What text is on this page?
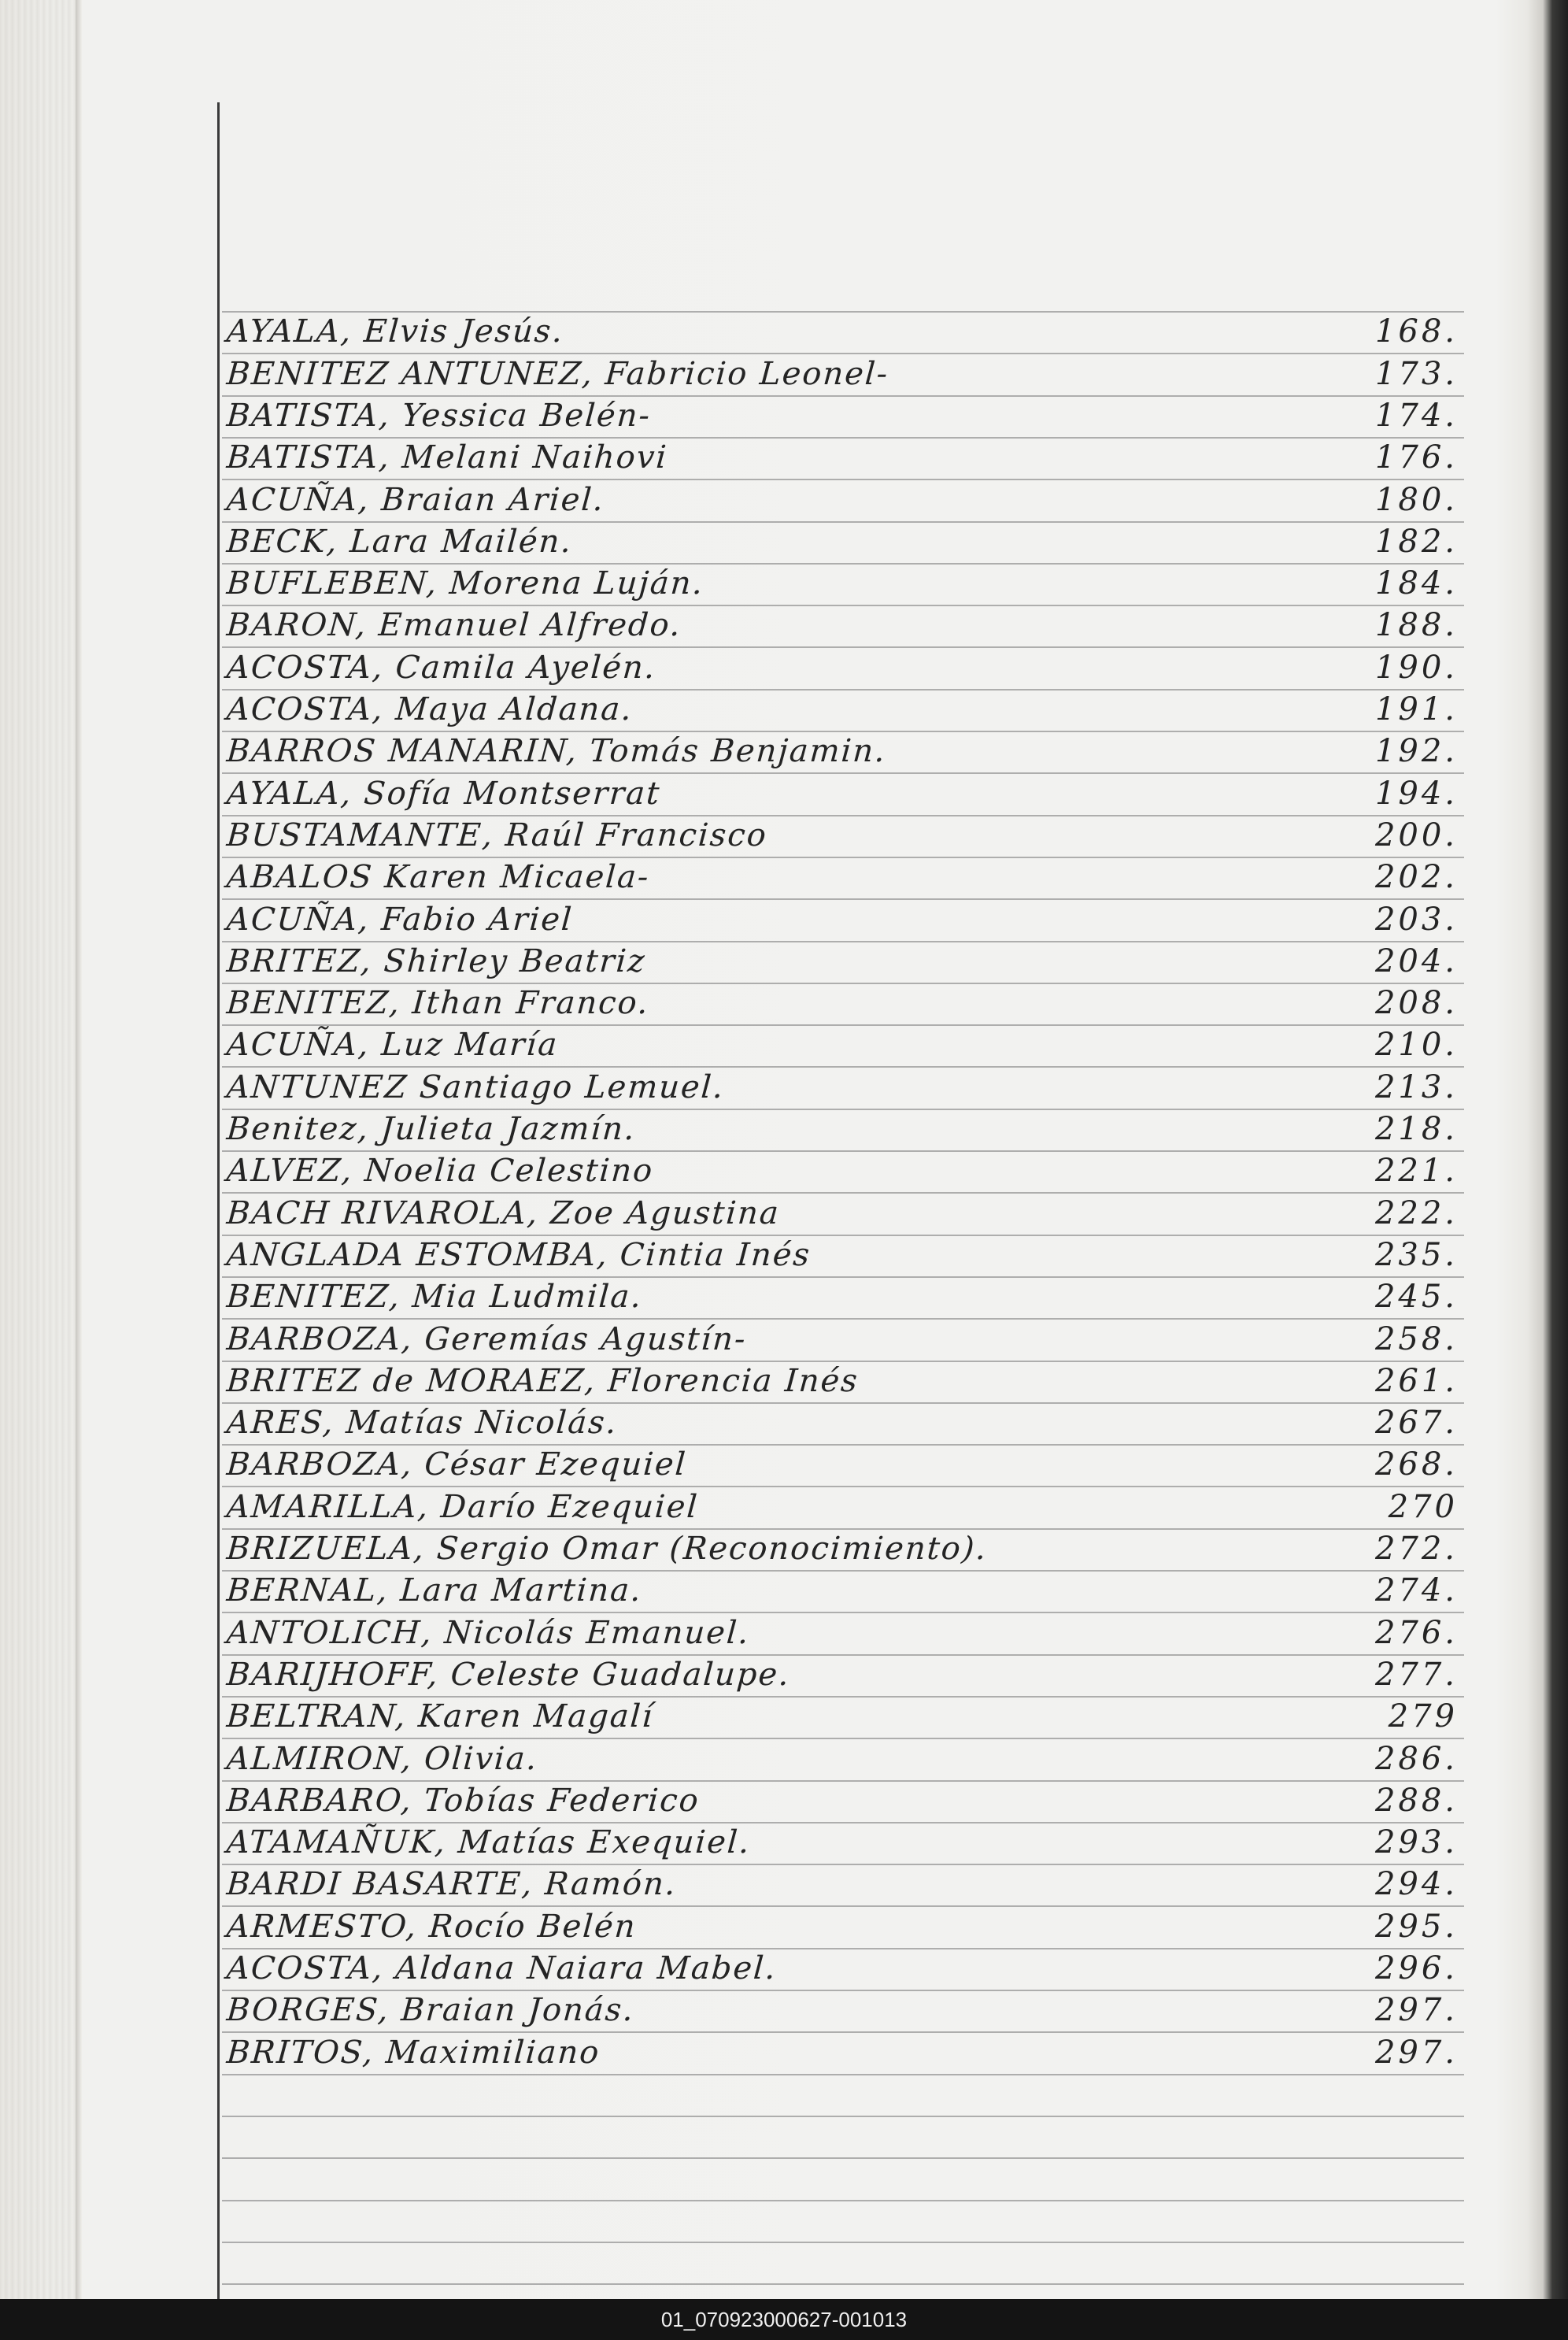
AYALA, Elvis Jesús.	168.
BENITEZ ANTUNEZ, Fabricio Leonel-	173.
BATISTA, Yessica Belén-	174.
BATISTA, Melani Naihovi	176.
ACUÑA, Braian Ariel.	180.
BECK, Lara Mailén.	182.
BUFLEBEN, Morena Luján.	184.
BARON, Emanuel Alfredo.	188.
ACOSTA, Camila Ayelén.	190.
ACOSTA, Maya Aldana.	191.
BARROS MANARIN, Tomás Benjamin.	192.
AYALA, Sofía Montserrat	194.
BUSTAMANTE, Raúl Francisco	200.
ABALOS Karen Micaela-	202.
ACUÑA, Fabio Ariel	203.
BRITEZ, Shirley Beatriz	204.
BENITEZ, Ithan Franco.	208.
ACUÑA, Luz María	210.
ANTUNEZ Santiago Lemuel.	213.
Benitez, Julieta Jazmín.	218.
ALVEZ, Noelia Celestino	221.
BACH RIVAROLA, Zoe Agustina	222.
ANGLADA ESTOMBA, Cintia Inés	235.
BENITEZ, Mia Ludmila.	245.
BARBOZA, Geremías Agustín-	258.
BRITEZ de MORAEZ, Florencia Inés	261.
ARES, Matías Nicolás.	267.
BARBOZA, César Ezequiel	268.
AMARILLA, Darío Ezequiel	270
BRIZUELA, Sergio Omar (Reconocimiento).	272.
BERNAL, Lara Martina.	274.
ANTOLICH, Nicolás Emanuel.	276.
BARIJHOFF, Celeste Guadalupe.	277.
BELTRAN, Karen Magalí	279
ALMIRON, Olivia.	286.
BARBARO, Tobías Federico	288.
ATAMAÑUK, Matías Exequiel.	293.
BARDI BASARTE, Ramón.	294.
ARMESTO, Rocío Belén	295.
ACOSTA, Aldana Naiara Mabel.	296.
BORGES, Braian Jonás.	297.
BRITOS, Maximiliano	297.
01_070923000627-001013
